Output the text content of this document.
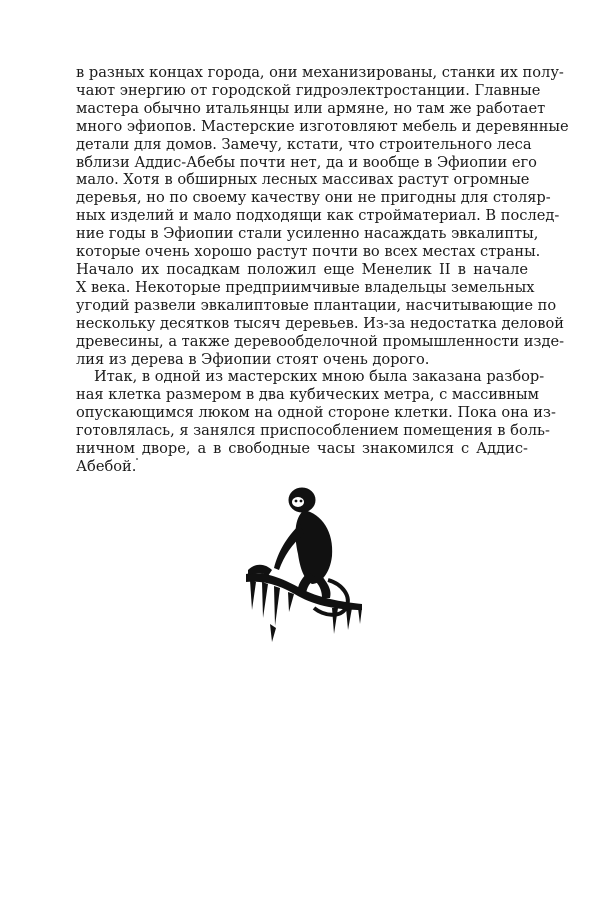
в разных концах города, они механизированы, станки их полу-
чают энергию от городской гидроэлектростанции. Главные
мастера обычно итальянцы или армяне, но там же работает
много эфиопов. Мастерские изготовляют мебель и деревянные
детали для домов. Замечу, кстати, что строительного леса
вблизи Аддис-Абебы почти нет, да и вообще в Эфиопии его
мало. Хотя в обширных лесных массивах растут огромные
деревья, но по своему качеству они не пригодны для столяр-
ных изделий и мало подходящи как стройматериал. В послед-
ние годы в Эфиопии стали усиленно насаждать эвкалипты,
которые очень хорошо растут почти во всех местах страны.
Начало их посадкам положил еще Менелик II в начале
X века. Некоторые предприимчивые владельцы земельных
угодий развели эвкалиптовые плантации, насчитывающие по
нескольку десятков тысяч деревьев. Из-за недостатка деловой
древесины, а также деревообделочной промышленности изде-
лия из дерева в Эфиопии стоят очень дорого.
Итак, в одной из мастерских мною была заказана разбор-
ная клетка размером в два кубических метра, с массивным
опускающимся люком на одной стороне клетки. Пока она из-
готовлялась, я занялся приспособлением помещения в боль-
ничном дворе, а в свободные часы знакомился с Аддис-
Абебой.
